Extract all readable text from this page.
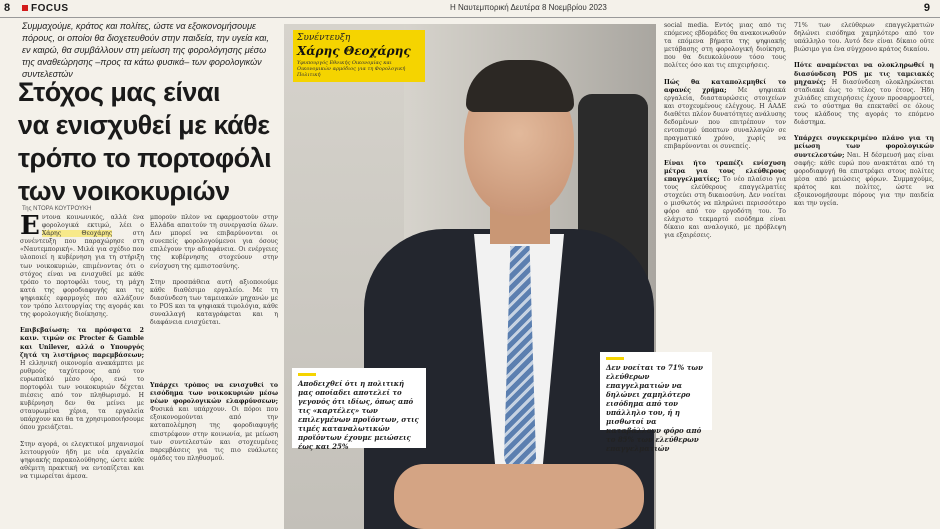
8	FOCUS	Η Ναυτεμπορική Δευτέρα 8 Νοεμβρίου 2023	9
Συμμαχούμε, κράτος και πολίτες, ώστε να εξοικονομήσουμε πόρους, οι οποίοι θα διοχετευθούν στην παιδεία, την υγεία και, εν καιρώ, θα συμβάλλουν στη μείωση της φορολόγησης μέσω της αναθεώρησης –προς τα κάτω φυσικά– των φορολογικών συντελεστών
Στόχος μας είναι
να ενισχυθεί με κάθε
τρόπο το πορτοφόλι
των νοικοκυριών
Της ΝΤΟΡΑ ΚΟΥΤΡΟΥΚΗ
Εντονα κοινωνικός, αλλά ένα φορολογικά εκτιμώ, λέει ο Χάρης Θεοχάρης στη συνέντευξη που παραχώρησε στη «Ναυτεμπορική». Μιλά για σχέδιο που υλοποιεί η κυβέρνηση για τη στήριξη των νοικοκυριών, επιμένοντας ότι ο στόχος είναι να ενισχυθεί με κάθε τρόπο το πορτοφόλι τους, τη μάχη κατά της φοροδιαφυγής και τις ψηφιακές εφαρμογές που αλλάζουν τον τρόπο λειτουργίας της αγοράς και της φορολογικής διοίκησης.

Επιβεβαίωση: τα πρόσφατα 2 καιν. τιμών σε Procter & Gamble και Unilever, αλλά ο Υπουργός ζητά τη λιστήριος παρεμβάσεων; Η ελληνική οικονομία ανακάμπτει με ρυθμούς ταχύτερους από τον ευρωπαϊκό μέσο όρο, ενώ το πορτοφόλι των νοικοκυριών δέχεται πιέσεις από τον πληθωρισμό. Η κυβέρνηση δεν θα μείνει με σταυρωμένα χέρια, τα εργαλεία υπάρχουν και θα τα χρησιμοποιήσουμε όπου χρειάζεται.

Στην αγορά, οι ελεγκτικοί μηχανισμοί λειτουργούν ήδη με νέα εργαλεία ψηφιακής παρακολούθησης, ώστε κάθε αθέμιτη πρακτική να εντοπίζεται και να τιμωρείται άμεσα.
μπορούν πλέον να εφαρμοστούν στην Ελλάδα απαιτούν τη συνεργασία όλων. Δεν μπορεί να επιβαρύνονται οι συνεπείς φορολογούμενοι για όσους επιλέγουν την αδιαφάνεια. Οι ενέργειες της κυβέρνησης στοχεύουν στην ενίσχυση της εμπιστοσύνης.

Στην προσπάθεια αυτή αξιοποιούμε κάθε διαθέσιμο εργαλείο. Με τη διασύνδεση των ταμειακών μηχανών με το POS και τα ψηφιακά τιμολόγια, κάθε συναλλαγή καταγράφεται και η διαφάνεια ενισχύεται.
Υπάρχει τρόπος να ενισχυθεί το εισόδημα των νοικοκυριών μέσω νέων φορολογικών ελαφρύνσεων; Φυσικά και υπάρχουν. Οι πόροι που εξοικονομούνται από την καταπολέμηση της φοροδιαφυγής επιστρέφουν στην κοινωνία, με μείωση των συντελεστών και στοχευμένες παρεμβάσεις για τις πιο ευάλωτες ομάδες του πληθυσμού.
Συνέντευξη
Χάρης Θεοχάρης
Υφυπουργός Εθνικής Οικονομίας και Οικονομικών αρμόδιος για τη Φορολογική Πολιτική
Αποδειχθεί ότι η πολιτική μας οποίαδει αποτελεί το γεγονός ότι ιδίως, όπως από τις «καρτέλες» των επιλεγμένων προϊόντων, στις τιμές καταναλωτικών προϊόντων έχουμε μειώσεις έως και 25%
Δεν νοείται το 71% των ελεύθερων επαγγελματιών να δηλώνει χαμηλότερο εισόδημα από τον υπάλληλο του, ή η μισθωτοί να καταβάλλουν φόρο από το 85% των ελεύθερων επαγγελματιών
social media. Εντός μιας από τις επόμενες εβδομάδες θα ανακοινωθούν τα επόμενα βήματα της ψηφιακής μετάβασης στη φορολογική διοίκηση, που θα διευκολύνουν τόσο τους πολίτες όσο και τις επιχειρήσεις.

Πώς θα καταπολεμηθεί το αφανές χρήμα; Με ψηφιακά εργαλεία, διασταυρώσεις στοιχείων και στοχευμένους ελέγχους. Η ΑΑΔΕ διαθέτει πλέον δυνατότητες ανάλυσης δεδομένων που επιτρέπουν τον εντοπισμό ύποπτων συναλλαγών σε πραγματικό χρόνο, χωρίς να επιβαρύνονται οι συνεπείς.

Είναι ήτο τραπέζι ενίσχυση μέτρα για τους ελεύθερους επαγγελματίες; Το νέο πλαίσιο για τους ελεύθερους επαγγελματίες στοχεύει στη δικαιοσύνη. Δεν νοείται ο μισθωτός να πληρώνει περισσότερο φόρο από τον εργοδότη του. Το ελάχιστο τεκμαρτό εισόδημα είναι δίκαιο και αναλογικό, με πρόβλεψη για εξαιρέσεις.
71% των ελεύθερων επαγγελματιών δηλώνει εισόδημα χαμηλότερο από τον υπάλληλο του. Αυτό δεν είναι δίκαιο ούτε βιώσιμο για ένα σύγχρονο κράτος δικαίου.

Πότε αναμένεται να ολοκληρωθεί η διασύνδεση POS με τις ταμειακές μηχανές; Η διασύνδεση ολοκληρώνεται σταδιακά έως το τέλος του έτους. Ήδη χιλιάδες επιχειρήσεις έχουν προσαρμοστεί, ενώ το σύστημα θα επεκταθεί σε όλους τους κλάδους της αγοράς το επόμενο διάστημα.

Υπάρχει συγκεκριμένο πλάνο για τη μείωση των φορολογικών συντελεστών; Ναι. Η δέσμευσή μας είναι σαφής: κάθε ευρώ που ανακτάται από τη φοροδιαφυγή θα επιστρέφει στους πολίτες μέσα από μειώσεις φόρων. Συμμαχούμε, κράτος και πολίτες, ώστε να εξοικονομήσουμε πόρους για την παιδεία και την υγεία.
